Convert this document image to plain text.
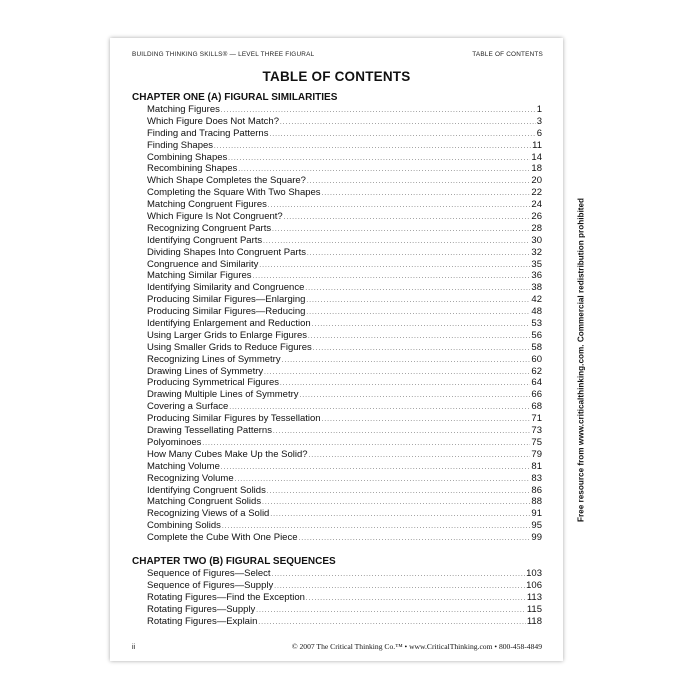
BUILDING THINKING SKILLS® — LEVEL THREE FIGURAL	TABLE OF CONTENTS
TABLE OF CONTENTS
CHAPTER ONE (A) FIGURAL SIMILARITIES
Matching Figures .....	1
Which Figure Does Not Match? .....	3
Finding and Tracing Patterns .....	6
Finding Shapes .....	11
Combining Shapes .....	14
Recombining Shapes .....	18
Which Shape Completes the Square? .....	20
Completing the Square With Two Shapes .....	22
Matching Congruent Figures .....	24
Which Figure Is Not Congruent? .....	26
Recognizing Congruent Parts .....	28
Identifying Congruent Parts .....	30
Dividing Shapes Into Congruent Parts .....	32
Congruence and Similarity .....	35
Matching Similar Figures .....	36
Identifying Similarity and Congruence .....	38
Producing Similar Figures—Enlarging .....	42
Producing Similar Figures—Reducing .....	48
Identifying Enlargement and Reduction .....	53
Using Larger Grids to Enlarge Figures .....	56
Using Smaller Grids to Reduce Figures .....	58
Recognizing Lines of Symmetry .....	60
Drawing Lines of Symmetry .....	62
Producing Symmetrical Figures .....	64
Drawing Multiple Lines of Symmetry .....	66
Covering a Surface .....	68
Producing Similar Figures by Tessellation .....	71
Drawing Tessellating Patterns .....	73
Polyominoes .....	75
How Many Cubes Make Up the Solid? .....	79
Matching Volume .....	81
Recognizing Volume .....	83
Identifying Congruent Solids .....	86
Matching Congruent Solids .....	88
Recognizing Views of a Solid .....	91
Combining Solids .....	95
Complete the Cube With One Piece .....	99
CHAPTER TWO (B) FIGURAL SEQUENCES
Sequence of Figures—Select .....	103
Sequence of Figures—Supply .....	106
Rotating Figures—Find the Exception .....	113
Rotating Figures—Supply .....	115
Rotating Figures—Explain .....	118
ii	© 2007 The Critical Thinking Co.™ • www.CriticalThinking.com • 800-458-4849
Free resource from www.criticalthinking.com. Commercial redistribution prohibited
